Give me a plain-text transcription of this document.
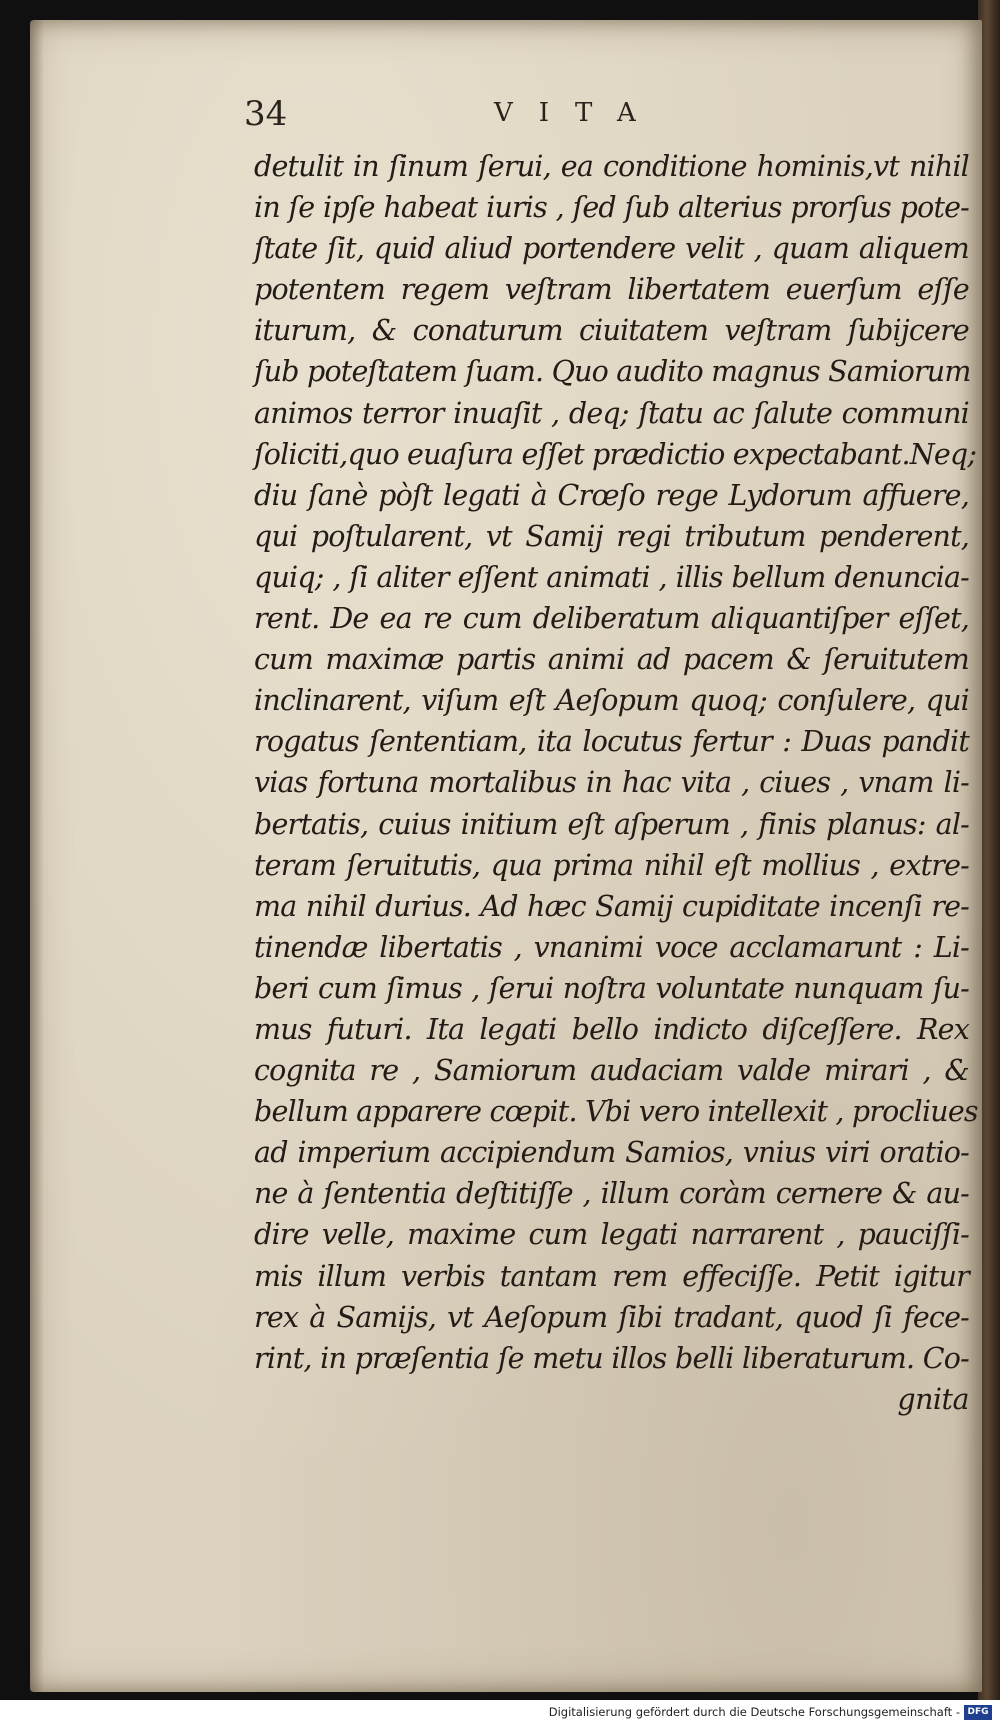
34	VITA
detulit in ſinum ſerui, ea conditione hominis,vt nihil
in ſe ipſe habeat iuris , ſed ſub alterius prorſus pote-
ſtate ſit, quid aliud portendere velit , quam aliquem
potentem regem veſtram libertatem euerſum eſſe
iturum, & conaturum ciuitatem veſtram ſubijcere
ſub poteſtatem ſuam. Quo audito magnus Samiorum
animos terror inuaſit , deq; ſtatu ac ſalute communi
ſoliciti,quo euaſura eſſet prædictio expectabant.Neq;
diu ſanè pòſt legati à Crœſo rege Lydorum affuere,
qui poſtularent, vt Samij regi tributum penderent,
quiq; , ſi aliter eſſent animati , illis bellum denuncia-
rent. De ea re cum deliberatum aliquantiſper eſſet,
cum maximæ partis animi ad pacem & ſeruitutem
inclinarent, viſum eſt Aeſopum quoq; conſulere, qui
rogatus ſententiam, ita locutus fertur : Duas pandit
vias fortuna mortalibus in hac vita , ciues , vnam li-
bertatis, cuius initium eſt aſperum , finis planus: al-
teram ſeruitutis, qua prima nihil eſt mollius , extre-
ma nihil durius. Ad hæc Samij cupiditate incenſi re-
tinendæ libertatis , vnanimi voce acclamarunt : Li-
beri cum ſimus , ſerui noſtra voluntate nunquam ſu-
mus futuri. Ita legati bello indicto diſceſſere. Rex
cognita re , Samiorum audaciam valde mirari , &
bellum apparere cœpit. Vbi vero intellexit , procliues
ad imperium accipiendum Samios, vnius viri oratio-
ne à ſententia deſtitiſſe , illum coràm cernere & au-
dire velle, maxime cum legati narrarent , pauciſſi-
mis illum verbis tantam rem effeciſſe. Petit igitur
rex à Samijs, vt Aeſopum ſibi tradant, quod ſi fece-
rint, in præſentia ſe metu illos belli liberaturum. Co-
gnita
Digitalisierung gefördert durch die Deutsche Forschungsgemeinschaft - DFG
